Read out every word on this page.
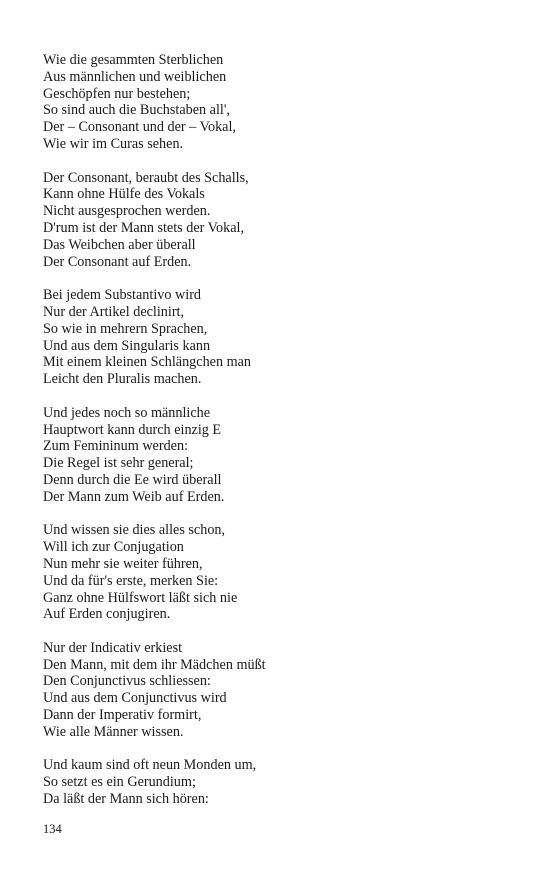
Wie die gesammten Sterblichen
Aus männlichen und weiblichen
Geschöpfen nur bestehen;
So sind auch die Buchstaben all',
Der – Consonant und der – Vokal,
Wie wir im Curas sehen.
Der Consonant, beraubt des Schalls,
Kann ohne Hülfe des Vokals
Nicht ausgesprochen werden.
D'rum ist der Mann stets der Vokal,
Das Weibchen aber überall
Der Consonant auf Erden.
Bei jedem Substantivo wird
Nur der Artikel declinirt,
So wie in mehrern Sprachen,
Und aus dem Singularis kann
Mit einem kleinen Schlängchen man
Leicht den Pluralis machen.
Und jedes noch so männliche
Hauptwort kann durch einzig E
Zum Femininum werden:
Die Regel ist sehr general;
Denn durch die Ee wird überall
Der Mann zum Weib auf Erden.
Und wissen sie dies alles schon,
Will ich zur Conjugation
Nun mehr sie weiter führen,
Und da für's erste, merken Sie:
Ganz ohne Hülfswort läßt sich nie
Auf Erden conjugiren.
Nur der Indicativ erkiest
Den Mann, mit dem ihr Mädchen müßt
Den Conjunctivus schliessen:
Und aus dem Conjunctivus wird
Dann der Imperativ formirt,
Wie alle Männer wissen.
Und kaum sind oft neun Monden um,
So setzt es ein Gerundium;
Da läßt der Mann sich hören:
134
